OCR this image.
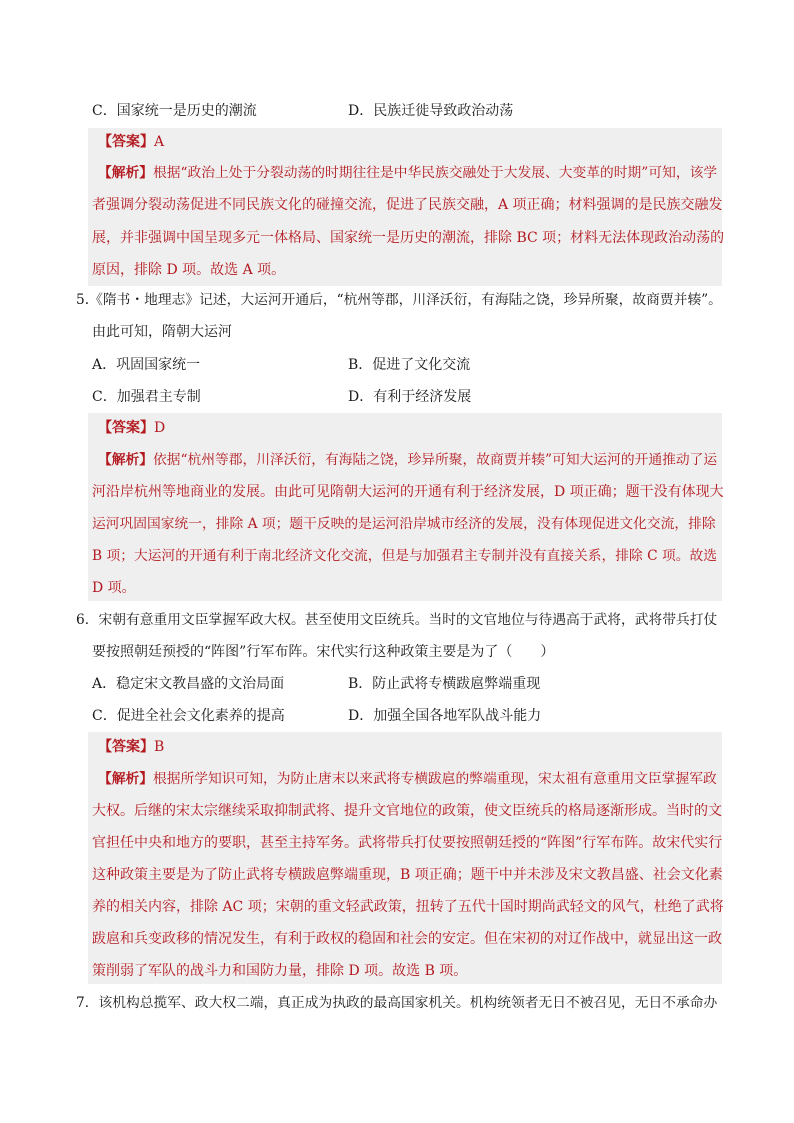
C．国家统一是历史的潮流	D．民族迁徙导致政治动荡
【答案】A
【解析】根据“政治上处于分裂动荡的时期往往是中华民族交融处于大发展、大变革的时期”可知，该学
者强调分裂动荡促进不同民族文化的碰撞交流，促进了民族交融，A 项正确；材料强调的是民族交融发
展，并非强调中国呈现多元一体格局、国家统一是历史的潮流，排除 BC 项；材料无法体现政治动荡的
原因，排除 D 项。故选 A 项。
5.《隋书・地理志》记述，大运河开通后，“杭州等郡，川泽沃衍，有海陆之饶，珍异所聚，故商贾并辏”。
由此可知，隋朝大运河
A．巩固国家统一	B．促进了文化交流
C．加强君主专制	D．有利于经济发展
【答案】D
【解析】依据“杭州等郡，川泽沃衍，有海陆之饶，珍异所聚，故商贾并辏”可知大运河的开通推动了运
河沿岸杭州等地商业的发展。由此可见隋朝大运河的开通有利于经济发展，D 项正确；题干没有体现大
运河巩固国家统一，排除 A 项；题干反映的是运河沿岸城市经济的发展，没有体现促进文化交流，排除
B 项；大运河的开通有利于南北经济文化交流，但是与加强君主专制并没有直接关系，排除 C 项。故选
D 项。
6．宋朝有意重用文臣掌握军政大权。甚至使用文臣统兵。当时的文官地位与待遇高于武将，武将带兵打仗
要按照朝廷预授的“阵图”行军布阵。宋代实行这种政策主要是为了（　　）
A．稳定宋文教昌盛的文治局面	B．防止武将专横跋扈弊端重现
C．促进全社会文化素养的提高	D．加强全国各地军队战斗能力
【答案】B
【解析】根据所学知识可知，为防止唐末以来武将专横跋扈的弊端重现，宋太祖有意重用文臣掌握军政
大权。后继的宋太宗继续采取抑制武将、提升文官地位的政策，使文臣统兵的格局逐渐形成。当时的文
官担任中央和地方的要职，甚至主持军务。武将带兵打仗要按照朝廷授的“阵图”行军布阵。故宋代实行
这种政策主要是为了防止武将专横跋扈弊端重现，B 项正确；题干中并未涉及宋文教昌盛、社会文化素
养的相关内容，排除 AC 项；宋朝的重文轻武政策，扭转了五代十国时期尚武轻文的风气，杜绝了武将
跋扈和兵变政移的情况发生，有利于政权的稳固和社会的安定。但在宋初的对辽作战中，就显出这一政
策削弱了军队的战斗力和国防力量，排除 D 项。故选 B 项。
7．该机构总揽军、政大权二端，真正成为执政的最高国家机关。机构统领者无日不被召见，无日不承命办
